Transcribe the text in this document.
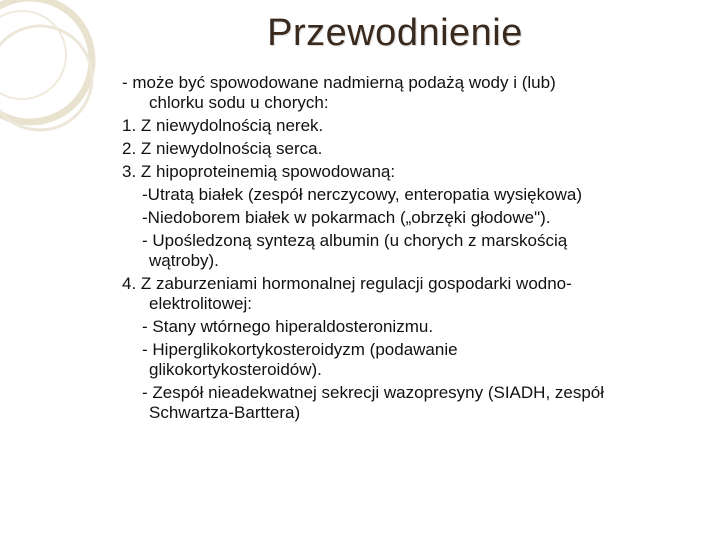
Przewodnienie
- może być spowodowane nadmierną podażą wody i (lub)
chlorku sodu u chorych:
1. Z niewydolnością nerek.
2. Z niewydolnością serca.
3. Z hipoproteinemią spowodowaną:
-Utratą białek (zespół nerczycowy, enteropatia wysiękowa)
-Niedoborem białek w pokarmach („obrzęki głodowe").
- Upośledzoną syntezą albumin (u chorych z marskością
wątroby).
4. Z zaburzeniami hormonalnej regulacji gospodarki wodno-
elektrolitowej:
- Stany wtórnego hiperaldosteronizmu.
- Hiperglikokortykosteroidyzm (podawanie
glikokortykosteroidów).
- Zespół nieadekwatnej sekrecji wazopresyny (SIADH, zespół
Schwartza-Barttera)
